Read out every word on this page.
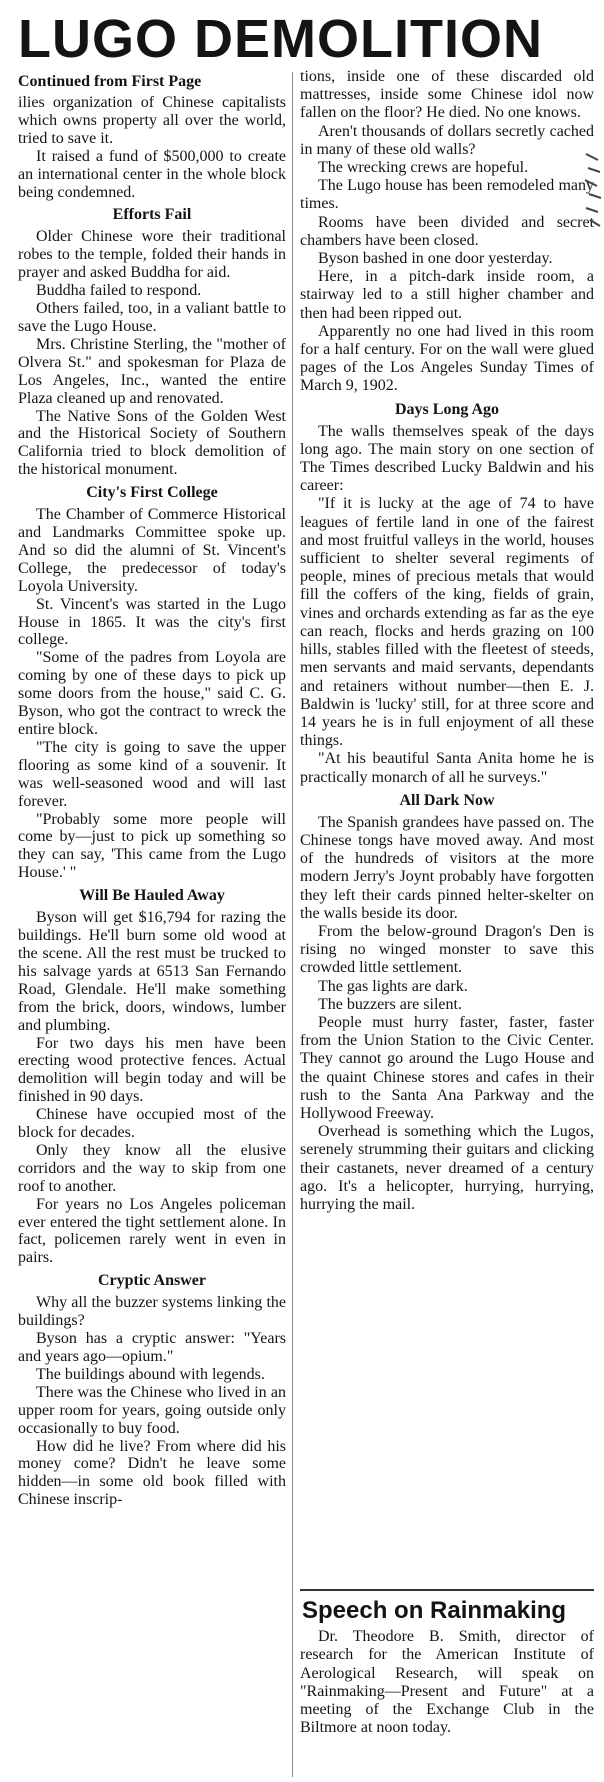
LUGO DEMOLITION
Continued from First Page

ilies organization of Chinese capitalists which owns property all over the world, tried to save it.

It raised a fund of $500,000 to create an international center in the whole block being condemned.

Efforts Fail

Older Chinese wore their traditional robes to the temple, folded their hands in prayer and asked Buddha for aid.

Buddha failed to respond.

Others failed, too, in a valiant battle to save the Lugo House.

Mrs. Christine Sterling, the "mother of Olvera St." and spokesman for Plaza de Los Angeles, Inc., wanted the entire Plaza cleaned up and renovated.

The Native Sons of the Golden West and the Historical Society of Southern California tried to block demolition of the historical monument.

City's First College

The Chamber of Commerce Historical and Landmarks Committee spoke up. And so did the alumni of St. Vincent's College, the predecessor of today's Loyola University.

St. Vincent's was started in the Lugo House in 1865. It was the city's first college.

"Some of the padres from Loyola are coming by one of these days to pick up some doors from the house," said C. G. Byson, who got the contract to wreck the entire block.

"The city is going to save the upper flooring as some kind of a souvenir. It was well-seasoned wood and will last forever.

"Probably some more people will come by—just to pick up something so they can say, 'This came from the Lugo House.' "

Will Be Hauled Away

Byson will get $16,794 for razing the buildings. He'll burn some old wood at the scene. All the rest must be trucked to his salvage yards at 6513 San Fernando Road, Glendale. He'll make something from the brick, doors, windows, lumber and plumbing.

For two days his men have been erecting wood protective fences. Actual demolition will begin today and will be finished in 90 days.

Chinese have occupied most of the block for decades.

Only they know all the elusive corridors and the way to skip from one roof to another.

For years no Los Angeles policeman ever entered the tight settlement alone. In fact, policemen rarely went in even in pairs.

Cryptic Answer

Why all the buzzer systems linking the buildings?

Byson has a cryptic answer: "Years and years ago—opium."

The buildings abound with legends.

There was the Chinese who lived in an upper room for years, going outside only occasionally to buy food.

How did he live? From where did his money come? Didn't he leave some hidden—in some old book filled with Chinese inscrip-

tions, inside one of these discarded old mattresses, inside some Chinese idol now fallen on the floor? He died. No one knows.

Aren't thousands of dollars secretly cached in many of these old walls?

The wrecking crews are hopeful.

The Lugo house has been remodeled many times.

Rooms have been divided and secret chambers have been closed.

Byson bashed in one door yesterday.

Here, in a pitch-dark inside room, a stairway led to a still higher chamber and then had been ripped out.

Apparently no one had lived in this room for a half century. For on the wall were glued pages of the Los Angeles Sunday Times of March 9, 1902.

Days Long Ago

The walls themselves speak of the days long ago. The main story on one section of The Times described Lucky Baldwin and his career:

"If it is lucky at the age of 74 to have leagues of fertile land in one of the fairest and most fruitful valleys in the world, houses sufficient to shelter several regiments of people, mines of precious metals that would fill the coffers of the king, fields of grain, vines and orchards extending as far as the eye can reach, flocks and herds grazing on 100 hills, stables filled with the fleetest of steeds, men servants and maid servants, dependants and retainers without number—then E. J. Baldwin is 'lucky' still, for at three score and 14 years he is in full enjoyment of all these things.

"At his beautiful Santa Anita home he is practically monarch of all he surveys."

All Dark Now

The Spanish grandees have passed on. The Chinese tongs have moved away. And most of the hundreds of visitors at the more modern Jerry's Joynt probably have forgotten they left their cards pinned helter-skelter on the walls beside its door.

From the below-ground Dragon's Den is rising no winged monster to save this crowded little settlement.

The gas lights are dark.

The buzzers are silent.

People must hurry faster, faster, faster from the Union Station to the Civic Center. They cannot go around the Lugo House and the quaint Chinese stores and cafes in their rush to the Santa Ana Parkway and the Hollywood Freeway.

Overhead is something which the Lugos, serenely strumming their guitars and clicking their castanets, never dreamed of a century ago. It's a helicopter, hurrying, hurrying, hurrying the mail.

Speech on Rainmaking

Dr. Theodore B. Smith, director of research for the American Institute of Aerological Research, will speak on "Rainmaking—Present and Future" at a meeting of the Exchange Club in the Biltmore at noon today.
